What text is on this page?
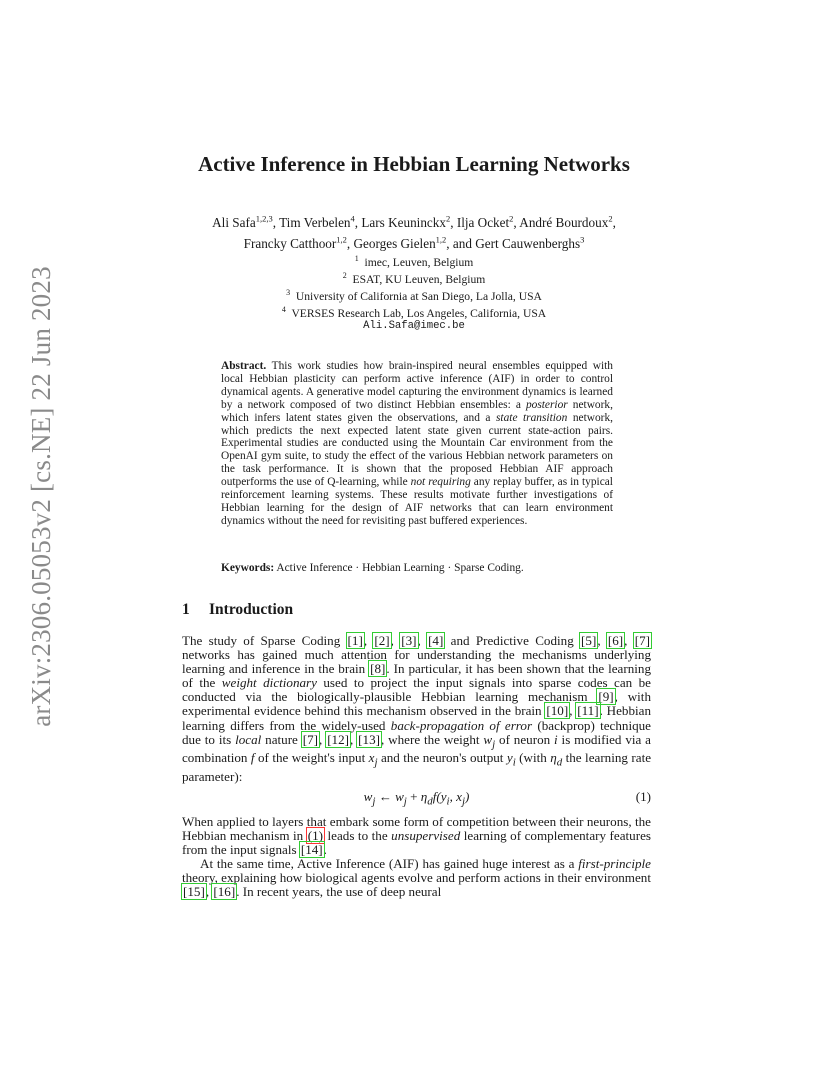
arXiv:2306.05053v2 [cs.NE] 22 Jun 2023
Active Inference in Hebbian Learning Networks
Ali Safa$^{1,2,3}$, Tim Verbelen$^4$, Lars Keuninckx$^2$, Ilja Ocket$^2$, André Bourdoux$^2$,
Francky Catthoor$^{1,2}$, Georges Gielen$^{1,2}$, and Gert Cauwenberghs$^3$
$^1$ imec, Leuven, Belgium
$^2$ ESAT, KU Leuven, Belgium
$^3$ University of California at San Diego, La Jolla, USA
$^4$ VERSES Research Lab, Los Angeles, California, USA
Ali.Safa@imec.be
Abstract. This work studies how brain-inspired neural ensembles equipped with local Hebbian plasticity can perform active inference (AIF) in order to control dynamical agents. A generative model capturing the environment dynamics is learned by a network composed of two distinct Hebbian ensembles: a posterior network, which infers latent states given the observations, and a state transition network, which predicts the next expected latent state given current state-action pairs. Experimental studies are conducted using the Mountain Car environment from the OpenAI gym suite, to study the effect of the various Hebbian network parameters on the task performance. It is shown that the proposed Hebbian AIF approach outperforms the use of Q-learning, while not requiring any replay buffer, as in typical reinforcement learning systems. These results motivate further investigations of Hebbian learning for the design of AIF networks that can learn environment dynamics without the need for revisiting past buffered experiences.
Keywords: Active Inference · Hebbian Learning · Sparse Coding.
1 Introduction
The study of Sparse Coding [1], [2], [3], [4] and Predictive Coding [5], [6], [7] networks has gained much attention for understanding the mechanisms underlying learning and inference in the brain [8]. In particular, it has been shown that the learning of the weight dictionary used to project the input signals into sparse codes can be conducted via the biologically-plausible Hebbian learning mechanism [9], with experimental evidence behind this mechanism observed in the brain [10], [11]. Hebbian learning differs from the widely-used back-propagation of error (backprop) technique due to its local nature [7], [12], [13], where the weight $w_j$ of neuron i is modified via a combination f of the weight's input $x_j$ and the neuron's output $y_i$ (with $\eta_d$ the learning rate parameter):
$w_j$ ← $w_j + \eta_df(y_i$, $x_j$)	(1)
When applied to layers that embark some form of competition between their neurons, the Hebbian mechanism in (1) leads to the unsupervised learning of complementary features from the input signals [14].
At the same time, Active Inference (AIF) has gained huge interest as a first-principle theory, explaining how biological agents evolve and perform actions in their environment [15], [16]. In recent years, the use of deep neural
